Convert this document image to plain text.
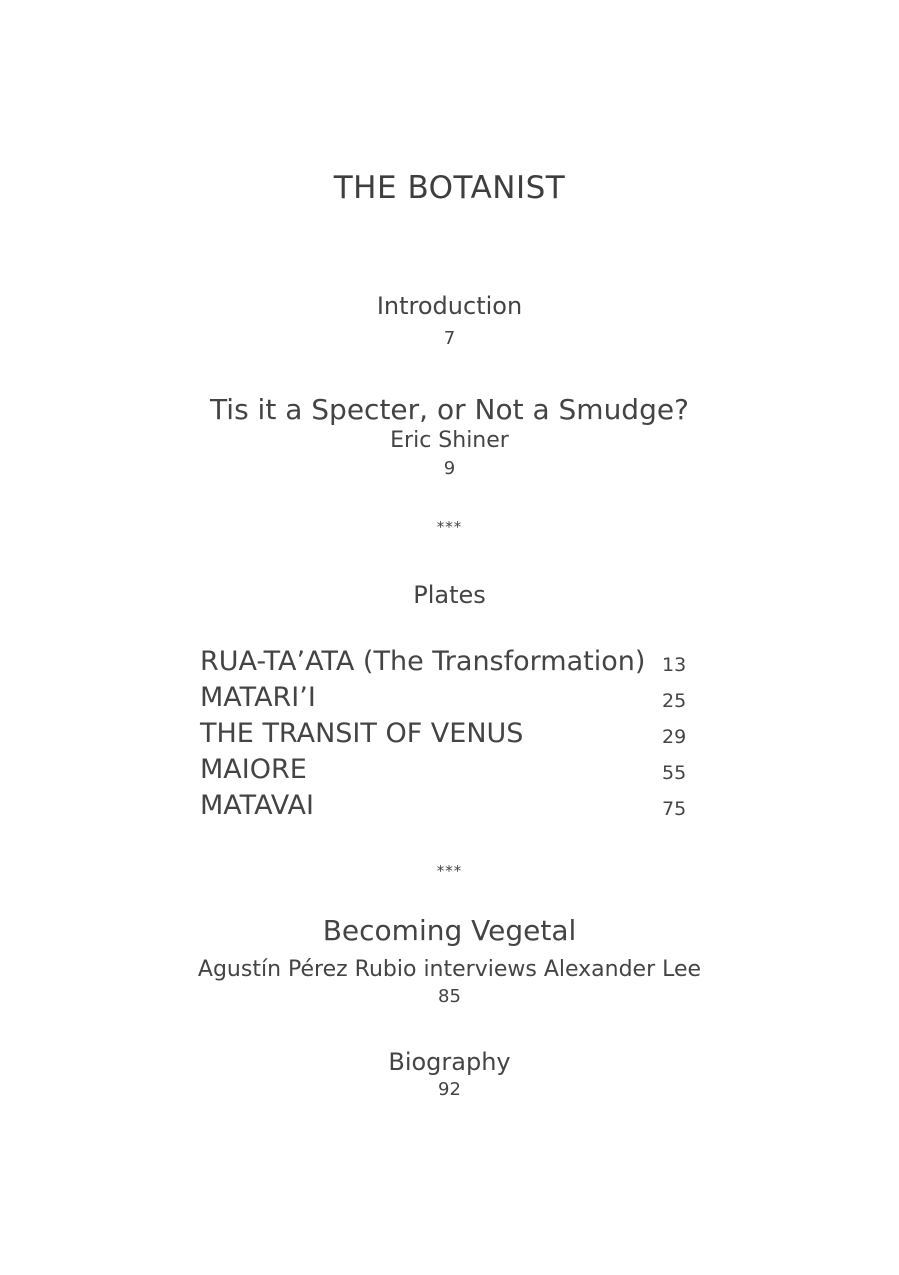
THE BOTANIST
Introduction
7
Tis it a Specter, or Not a Smudge?
Eric Shiner
9
***
Plates
RUA-TA’ATA (The Transformation) 13
MATARI’I	25
THE TRANSIT OF VENUS	29
MAIORE	55
MATAVAI	75
***
Becoming Vegetal
Agustín Pérez Rubio interviews Alexander Lee
85
Biography
92
